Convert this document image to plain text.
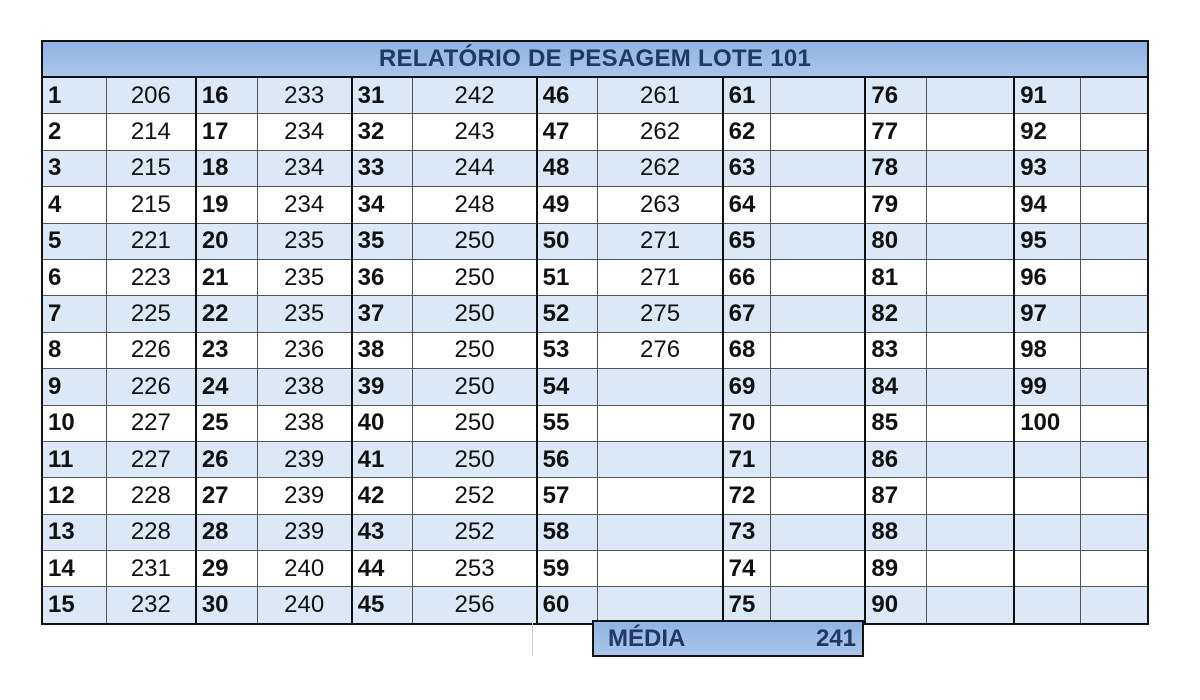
RELATÓRIO DE PESAGEM LOTE 101
1	206	16	233	31	242	46	261	61		76		91	
2	214	17	234	32	243	47	262	62		77		92	
3	215	18	234	33	244	48	262	63		78		93	
4	215	19	234	34	248	49	263	64		79		94	
5	221	20	235	35	250	50	271	65		80		95	
6	223	21	235	36	250	51	271	66		81		96	
7	225	22	235	37	250	52	275	67		82		97	
8	226	23	236	38	250	53	276	68		83		98	
9	226	24	238	39	250	54		69		84		99	
10	227	25	238	40	250	55		70		85		100	
11	227	26	239	41	250	56		71		86			
12	228	27	239	42	252	57		72		87			
13	228	28	239	43	252	58		73		88			
14	231	29	240	44	253	59		74		89			
15	232	30	240	45	256	60		75		90			
MÉDIA	241
